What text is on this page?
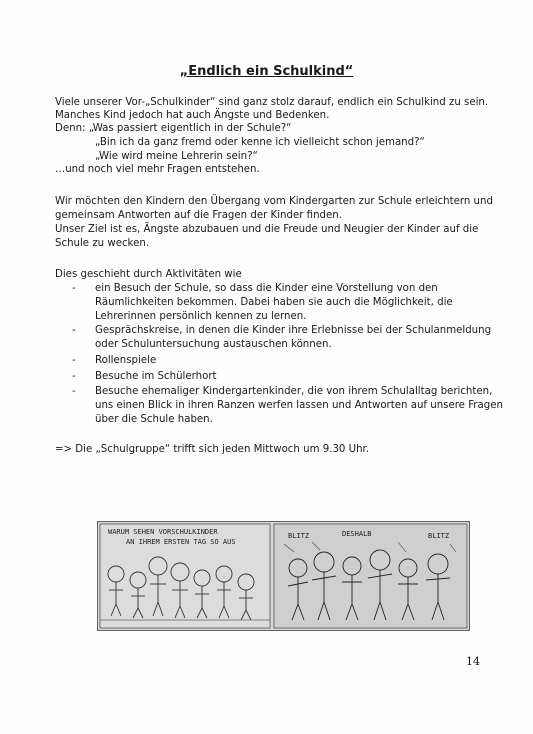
„Endlich ein Schulkind“
Viele unserer Vor-„Schulkinder“ sind ganz stolz darauf, endlich ein Schulkind zu sein.
Manches Kind jedoch hat auch Ängste und Bedenken.
Denn: „Was passiert eigentlich in der Schule?“
„Bin ich da ganz fremd oder kenne ich vielleicht schon jemand?“
„Wie wird meine Lehrerin sein?“
…und noch viel mehr Fragen entstehen.
Wir möchten den Kindern den Übergang vom Kindergarten zur Schule erleichtern und
gemeinsam Antworten auf die Fragen der Kinder finden.
Unser Ziel ist es, Ängste abzubauen und die Freude und Neugier der Kinder auf die
Schule zu wecken.
Dies geschieht durch Aktivitäten wie
- ein Besuch der Schule, so dass die Kinder eine Vorstellung von den
Räumlichkeiten bekommen. Dabei haben sie auch die Möglichkeit, die
Lehrerinnen persönlich kennen zu lernen.
- Gesprächskreise, in denen die Kinder ihre Erlebnisse bei der Schulanmeldung
oder Schuluntersuchung austauschen können.
- Rollenspiele
- Besuche im Schülerhort
- Besuche ehemaliger Kindergartenkinder, die von ihrem Schulalltag berichten,
uns einen Blick in ihren Ranzen werfen lassen und Antworten auf unsere Fragen
über die Schule haben.
=> Die „Schulgruppe“ trifft sich jeden Mittwoch um 9.30 Uhr.
WARUM SEHEN VORSCHULKINDER
AN IHREM ERSTEN TAG SO AUS
DESHALB
BLITZ	BLITZ
14
